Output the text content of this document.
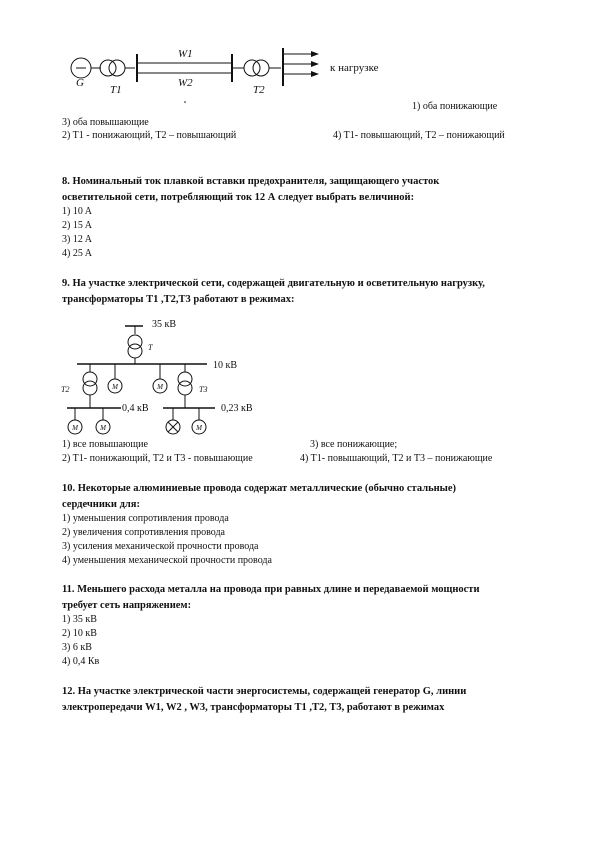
G
T1
W1
W2
T2
к нагрузке
1) оба понижающие
3) оба повышающие
2) T1 - понижающий, T2 – повышающий	4) T1- повышающий, T2 – понижающий
8. Номинальный ток плавкой вставки предохранителя, защищающего участок
осветительной сети, потребляющий ток 12 А следует выбрать величиной:
1) 10 A
2) 15 A
3) 12 A
4) 25 A
9. На участке электрической сети, содержащей двигательную и осветительную нагрузку,
трансформаторы T1 ,T2,T3 работают в режимах:
35 кВ
T
10 кВ
T2	T3
0,4 кВ	0,23 кВ
M	M
M	M	M
1) все повышающие	3) все понижающие;
2) T1- понижающий, T2 и T3 - повышающие	4) T1- повышающий, T2 и T3 – понижающие
10. Некоторые алюминиевые провода содержат металлические (обычно стальные)
сердечники для:
1) уменьшения сопротивления провода
2) увеличения сопротивления провода
3) усиления механической прочности провода
4) уменьшения механической прочности провода
11. Меньшего расхода металла на провода при равных длине и передаваемой мощности
требует сеть напряжением:
1) 35 кВ
2) 10 кВ
3) 6 кВ
4) 0,4 Кв
12. На участке электрической части энергосистемы, содержащей генератор G, линии
электропередачи W1, W2 , W3, трансформаторы T1 ,T2, T3, работают в режимах
